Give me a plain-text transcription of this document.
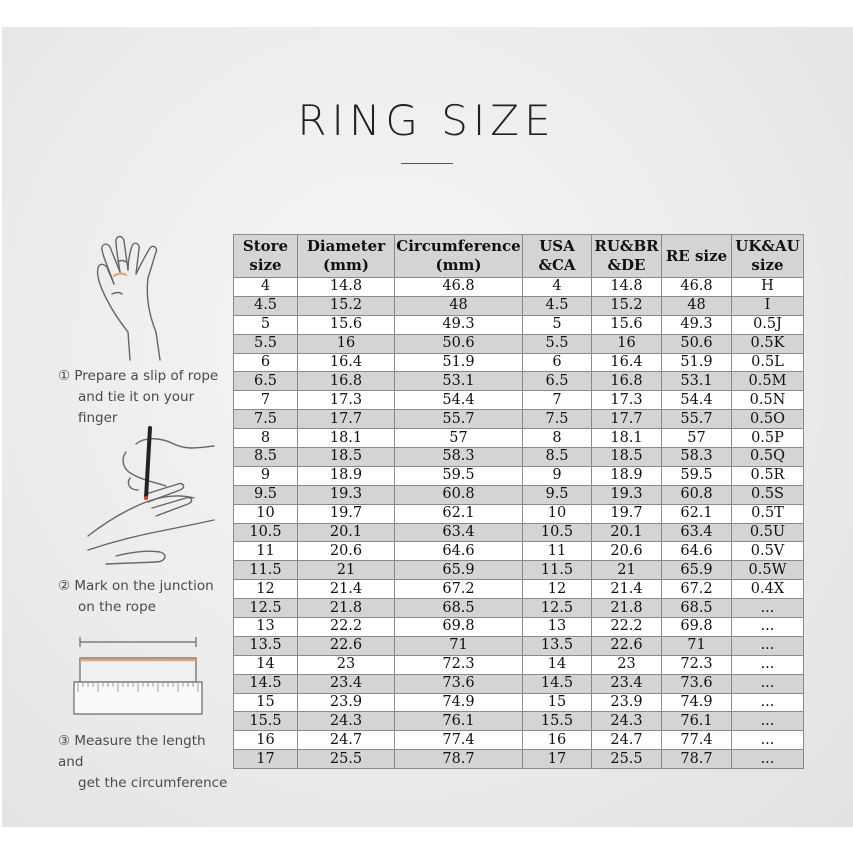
RING SIZE
① Prepare a slip of rope
and tie it on your finger
② Mark on the junction
on the rope
③ Measure the length and
get the circumference
Store size	Diameter (mm)	Circumference (mm)	USA &CA	RU&BR &DE	RE size	UK&AU size
4	14.8	46.8	4	14.8	46.8	H
4.5	15.2	48	4.5	15.2	48	I
5	15.6	49.3	5	15.6	49.3	0.5J
5.5	16	50.6	5.5	16	50.6	0.5K
6	16.4	51.9	6	16.4	51.9	0.5L
6.5	16.8	53.1	6.5	16.8	53.1	0.5M
7	17.3	54.4	7	17.3	54.4	0.5N
7.5	17.7	55.7	7.5	17.7	55.7	0.5O
8	18.1	57	8	18.1	57	0.5P
8.5	18.5	58.3	8.5	18.5	58.3	0.5Q
9	18.9	59.5	9	18.9	59.5	0.5R
9.5	19.3	60.8	9.5	19.3	60.8	0.5S
10	19.7	62.1	10	19.7	62.1	0.5T
10.5	20.1	63.4	10.5	20.1	63.4	0.5U
11	20.6	64.6	11	20.6	64.6	0.5V
11.5	21	65.9	11.5	21	65.9	0.5W
12	21.4	67.2	12	21.4	67.2	0.4X
12.5	21.8	68.5	12.5	21.8	68.5	...
13	22.2	69.8	13	22.2	69.8	...
13.5	22.6	71	13.5	22.6	71	...
14	23	72.3	14	23	72.3	...
14.5	23.4	73.6	14.5	23.4	73.6	...
15	23.9	74.9	15	23.9	74.9	...
15.5	24.3	76.1	15.5	24.3	76.1	...
16	24.7	77.4	16	24.7	77.4	...
17	25.5	78.7	17	25.5	78.7	...
